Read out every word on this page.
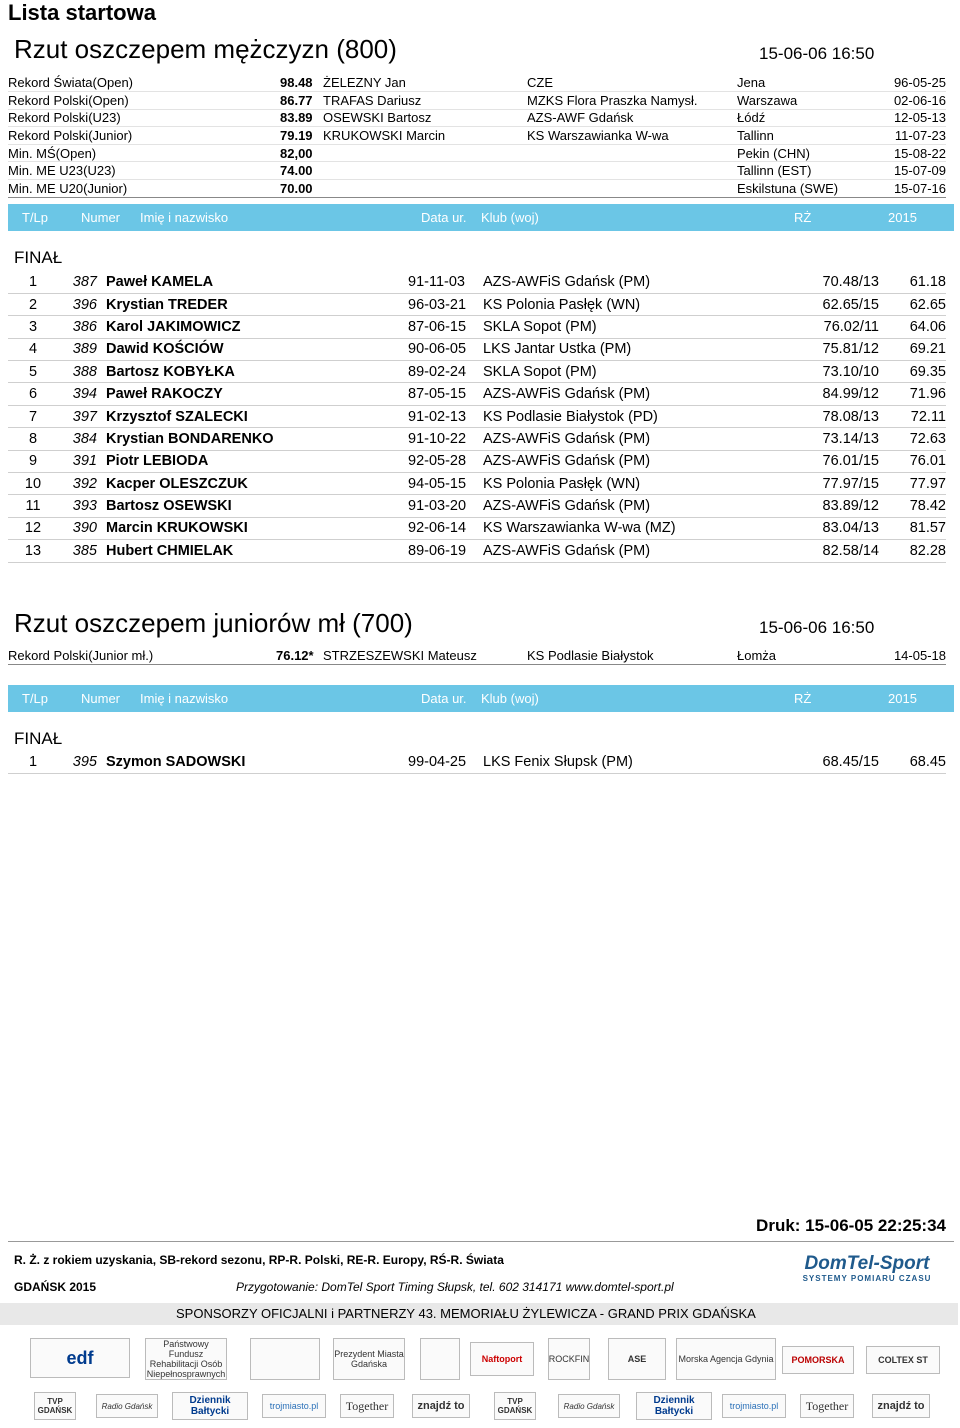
Lista startowa
Rzut oszczepem mężczyzn (800)	15-06-06 16:50
Rekord Świata(Open)	98.48	ŻELEZNY Jan	CZE	Jena	96-05-25
Rekord Polski(Open)	86.77	TRAFAS Dariusz	MZKS Flora Praszka Namysł.	Warszawa	02-06-16
Rekord Polski(U23)	83.89	OSEWSKI Bartosz	AZS-AWF Gdańsk	Łódź	12-05-13
Rekord Polski(Junior)	79.19	KRUKOWSKI Marcin	KS Warszawianka W-wa	Tallinn	11-07-23
Min. MŚ(Open)	82,00			Pekin (CHN)	15-08-22
Min. ME U23(U23)	74.00			Tallinn (EST)	15-07-09
Min. ME U20(Junior)	70.00			Eskilstuna (SWE)	15-07-16
T/Lp	Numer Imię i nazwisko	Data ur. Klub (woj)	RŻ	2015
FINAŁ
1	387	Paweł KAMELA	91-11-03	AZS-AWFiS Gdańsk (PM)	70.48/13	61.18
2	396	Krystian TREDER	96-03-21	KS Polonia Pasłęk (WN)	62.65/15	62.65
3	386	Karol JAKIMOWICZ	87-06-15	SKLA Sopot (PM)	76.02/11	64.06
4	389	Dawid KOŚCIÓW	90-06-05	LKS Jantar Ustka (PM)	75.81/12	69.21
5	388	Bartosz KOBYŁKA	89-02-24	SKLA Sopot (PM)	73.10/10	69.35
6	394	Paweł RAKOCZY	87-05-15	AZS-AWFiS Gdańsk (PM)	84.99/12	71.96
7	397	Krzysztof SZALECKI	91-02-13	KS Podlasie Białystok (PD)	78.08/13	72.11
8	384	Krystian BONDARENKO	91-10-22	AZS-AWFiS Gdańsk (PM)	73.14/13	72.63
9	391	Piotr LEBIODA	92-05-28	AZS-AWFiS Gdańsk (PM)	76.01/15	76.01
10	392	Kacper OLESZCZUK	94-05-15	KS Polonia Pasłęk (WN)	77.97/15	77.97
11	393	Bartosz OSEWSKI	91-03-20	AZS-AWFiS Gdańsk (PM)	83.89/12	78.42
12	390	Marcin KRUKOWSKI	92-06-14	KS Warszawianka W-wa (MZ)	83.04/13	81.57
13	385	Hubert CHMIELAK	89-06-19	AZS-AWFiS Gdańsk (PM)	82.58/14	82.28
Rzut oszczepem juniorów mł (700)	15-06-06 16:50
Rekord Polski(Junior mł.)	76.12*	STRZESZEWSKI Mateusz	KS Podlasie Białystok	Łomża	14-05-18
T/Lp	Numer Imię i nazwisko	Data ur. Klub (woj)	RŻ	2015
FINAŁ
1	395	Szymon SADOWSKI	99-04-25	LKS Fenix Słupsk (PM)	68.45/15	68.45
Druk: 15-06-05 22:25:34
R. Ż. z rokiem uzyskania, SB-rekord sezonu, RP-R. Polski, RE-R. Europy, RŚ-R. Świata
GDAŃSK 2015	Przygotowanie: DomTel Sport Timing Słupsk, tel. 602 314171 www.domtel-sport.pl
DomTel-Sport
SYSTEMY POMIARU CZASU
SPONSORZY OFICJALNI i PARTNERZY 43. MEMORIAŁU ŻYLEWICZA - GRAND PRIX GDAŃSKA
edf
Państwowy Fundusz Rehabilitacji Osób Niepełnosprawnych
Prezydent Miasta Gdańska	Naftoport	ROCKFIN	ASE	Morska Agencja Gdynia	POMORSKA	COLTEX ST
TVP GDAŃSK	Radio Gdańsk	Dziennik Bałtycki	trojmiasto.pl	Together	znajdź to	TVP GDAŃSK	Radio Gdańsk	Dziennik Bałtycki	trojmiasto.pl	Together	znajdź to
